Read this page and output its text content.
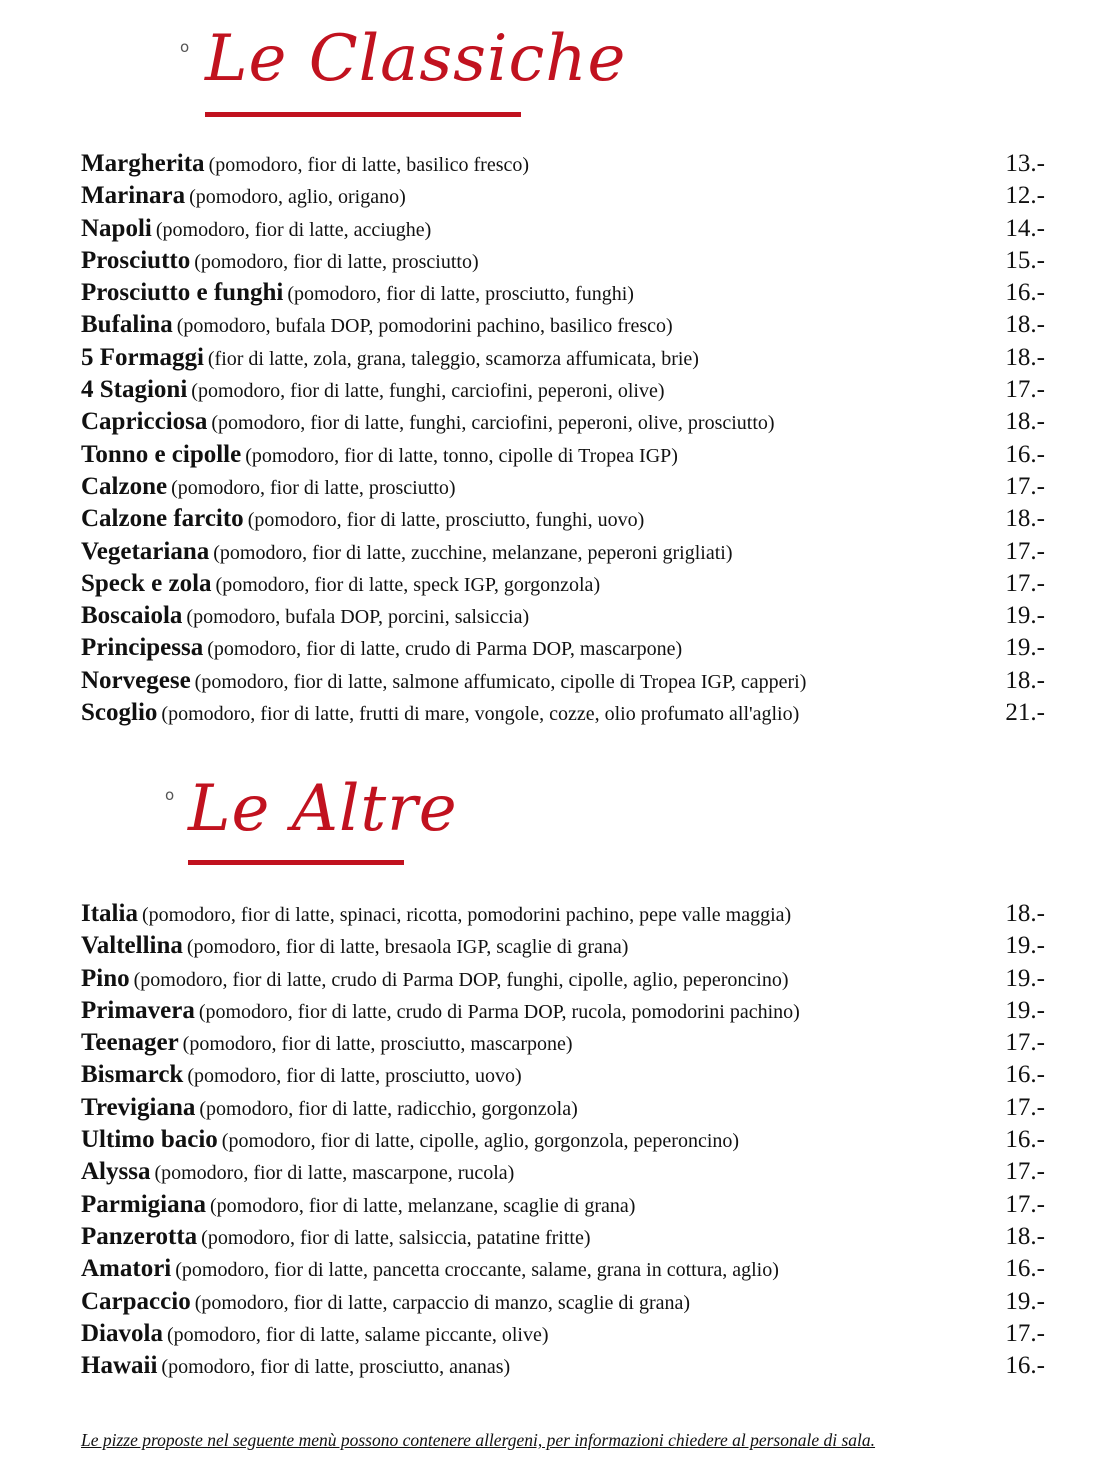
o Le Classiche
Margherita (pomodoro, fior di latte, basilico fresco)	13.-
Marinara (pomodoro, aglio, origano)	12.-
Napoli (pomodoro, fior di latte, acciughe)	14.-
Prosciutto (pomodoro, fior di latte, prosciutto)	15.-
Prosciutto e funghi (pomodoro, fior di latte, prosciutto, funghi)	16.-
Bufalina (pomodoro, bufala DOP, pomodorini pachino, basilico fresco)	18.-
5 Formaggi (fior di latte, zola, grana, taleggio, scamorza affumicata, brie)	18.-
4 Stagioni (pomodoro, fior di latte, funghi, carciofini, peperoni, olive)	17.-
Capricciosa (pomodoro, fior di latte, funghi, carciofini, peperoni, olive, prosciutto)	18.-
Tonno e cipolle (pomodoro, fior di latte, tonno, cipolle di Tropea IGP)	16.-
Calzone (pomodoro, fior di latte, prosciutto)	17.-
Calzone farcito (pomodoro, fior di latte, prosciutto, funghi, uovo)	18.-
Vegetariana (pomodoro, fior di latte, zucchine, melanzane, peperoni grigliati)	17.-
Speck e zola (pomodoro, fior di latte, speck IGP, gorgonzola)	17.-
Boscaiola (pomodoro, bufala DOP, porcini, salsiccia)	19.-
Principessa (pomodoro, fior di latte, crudo di Parma DOP, mascarpone)	19.-
Norvegese (pomodoro, fior di latte, salmone affumicato, cipolle di Tropea IGP, capperi)	18.-
Scoglio (pomodoro, fior di latte, frutti di mare, vongole, cozze, olio profumato all'aglio)	21.-
o Le Altre
Italia (pomodoro, fior di latte, spinaci, ricotta, pomodorini pachino, pepe valle maggia)	18.-
Valtellina (pomodoro, fior di latte, bresaola IGP, scaglie di grana)	19.-
Pino (pomodoro, fior di latte, crudo di Parma DOP, funghi, cipolle, aglio, peperoncino)	19.-
Primavera (pomodoro, fior di latte, crudo di Parma DOP, rucola, pomodorini pachino)	19.-
Teenager (pomodoro, fior di latte, prosciutto, mascarpone)	17.-
Bismarck (pomodoro, fior di latte, prosciutto, uovo)	16.-
Trevigiana (pomodoro, fior di latte, radicchio, gorgonzola)	17.-
Ultimo bacio (pomodoro, fior di latte, cipolle, aglio, gorgonzola, peperoncino)	16.-
Alyssa (pomodoro, fior di latte, mascarpone, rucola)	17.-
Parmigiana (pomodoro, fior di latte, melanzane, scaglie di grana)	17.-
Panzerotta (pomodoro, fior di latte, salsiccia, patatine fritte)	18.-
Amatori (pomodoro, fior di latte, pancetta croccante, salame, grana in cottura, aglio)	16.-
Carpaccio (pomodoro, fior di latte, carpaccio di manzo, scaglie di grana)	19.-
Diavola (pomodoro, fior di latte, salame piccante, olive)	17.-
Hawaii (pomodoro, fior di latte, prosciutto, ananas)	16.-
Le pizze proposte nel seguente menù possono contenere allergeni, per informazioni chiedere al personale di sala.
